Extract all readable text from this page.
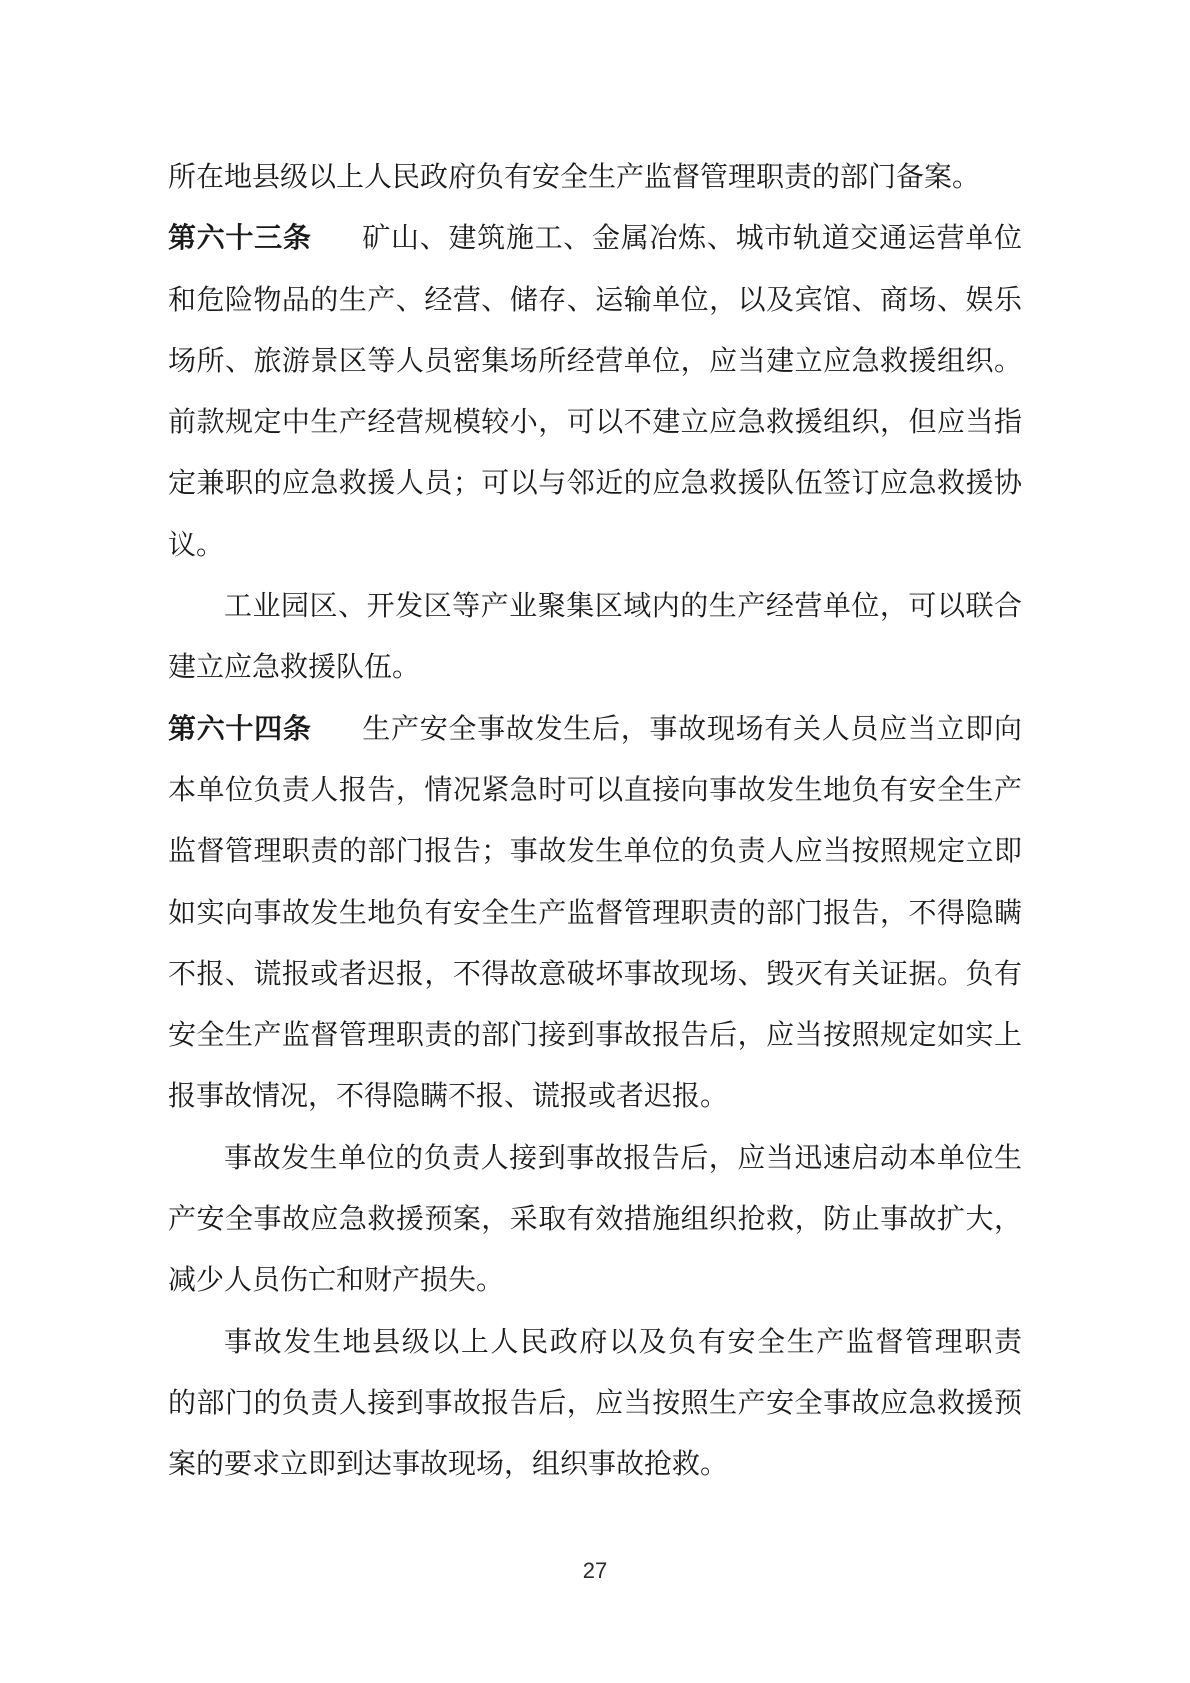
所在地县级以上人民政府负有安全生产监督管理职责的部门备案。
第六十三条 矿山、建筑施工、金属冶炼、城市轨道交通运营单位
和危险物品的生产、经营、储存、运输单位，以及宾馆、商场、娱乐
场所、旅游景区等人员密集场所经营单位，应当建立应急救援组织。
前款规定中生产经营规模较小，可以不建立应急救援组织，但应当指
定兼职的应急救援人员；可以与邻近的应急救援队伍签订应急救援协
议。
工业园区、开发区等产业聚集区域内的生产经营单位，可以联合
建立应急救援队伍。
第六十四条 生产安全事故发生后，事故现场有关人员应当立即向
本单位负责人报告，情况紧急时可以直接向事故发生地负有安全生产
监督管理职责的部门报告；事故发生单位的负责人应当按照规定立即
如实向事故发生地负有安全生产监督管理职责的部门报告，不得隐瞒
不报、谎报或者迟报，不得故意破坏事故现场、毁灭有关证据。负有
安全生产监督管理职责的部门接到事故报告后，应当按照规定如实上
报事故情况，不得隐瞒不报、谎报或者迟报。
事故发生单位的负责人接到事故报告后，应当迅速启动本单位生
产安全事故应急救援预案，采取有效措施组织抢救，防止事故扩大，
减少人员伤亡和财产损失。
事故发生地县级以上人民政府以及负有安全生产监督管理职责
的部门的负责人接到事故报告后，应当按照生产安全事故应急救援预
案的要求立即到达事故现场，组织事故抢救。
27
